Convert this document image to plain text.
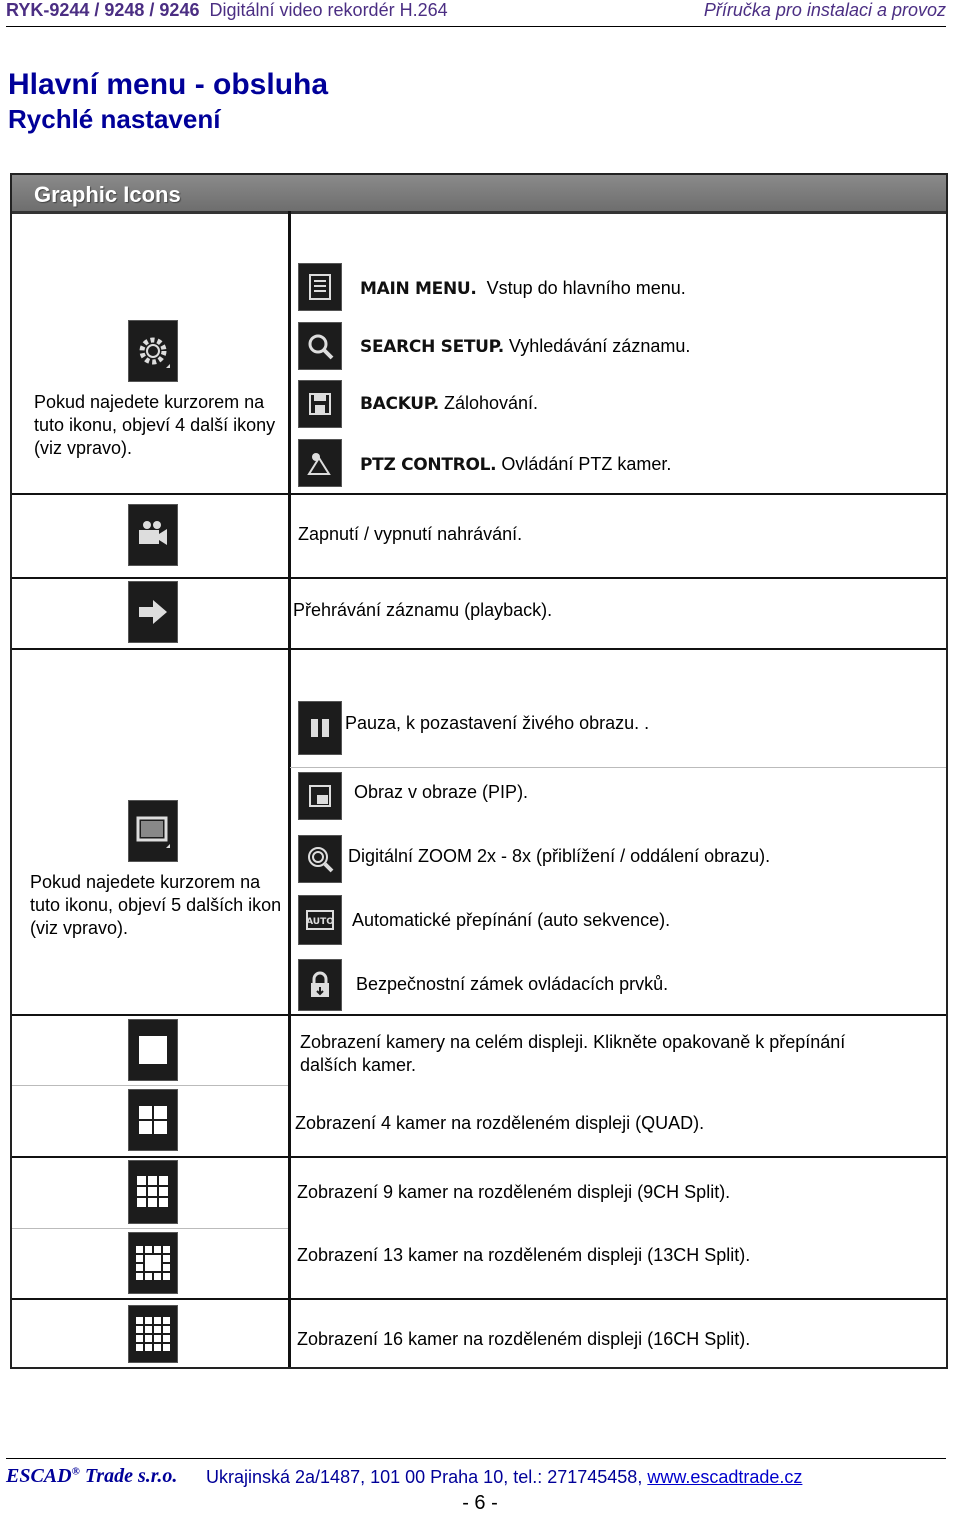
RYK-9244 / 9248 / 9246 Digitální video rekordér H.264	Příručka pro instalaci a provoz
Hlavní menu - obsluha
Rychlé nastavení
Graphic Icons
Pokud najedete kurzorem na tuto ikonu, objeví 4 další ikony (viz vpravo).
MAIN MENU. Vstup do hlavního menu.
SEARCH SETUP. Vyhledávání záznamu.
BACKUP. Zálohování.
PTZ CONTROL. Ovládání PTZ kamer.
Zapnutí / vypnutí nahrávání.
Přehrávání záznamu (playback).
Pokud najedete kurzorem na tuto ikonu, objeví 5 dalších ikon (viz vpravo).
Pauza, k pozastavení živého obrazu. .
Obraz v obraze (PIP).
Digitální ZOOM 2x - 8x (přiblížení / oddálení obrazu).
AUTO Automatické přepínání (auto sekvence).
Bezpečnostní zámek ovládacích prvků.
Zobrazení kamery na celém displeji. Klikněte opakovaně k přepínání dalších kamer.
Zobrazení 4 kamer na rozděleném displeji (QUAD).
Zobrazení 9 kamer na rozděleném displeji (9CH Split).
Zobrazení 13 kamer na rozděleném displeji (13CH Split).
Zobrazení 16 kamer na rozděleném displeji (16CH Split).
ESCAD® Trade s.r.o. Ukrajinská 2a/1487, 101 00 Praha 10, tel.: 271745458, www.escadtrade.cz
- 6 -
